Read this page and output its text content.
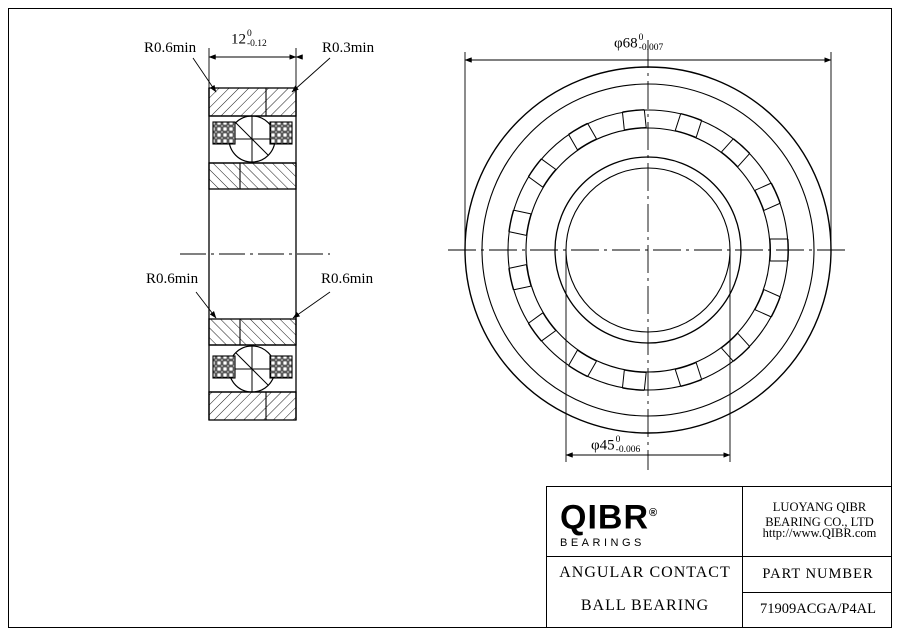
12 0
-0.12
R0.6min	R0.3min
R0.6min	R0.6min
φ68 0
-0.007
φ45 0
-0.006
QIBR®
BEARINGS
LUOYANG QIBR BEARING CO., LTD
http://www.QIBR.com
ANGULAR CONTACT
BALL BEARING
PART NUMBER
71909ACGA/P4AL
